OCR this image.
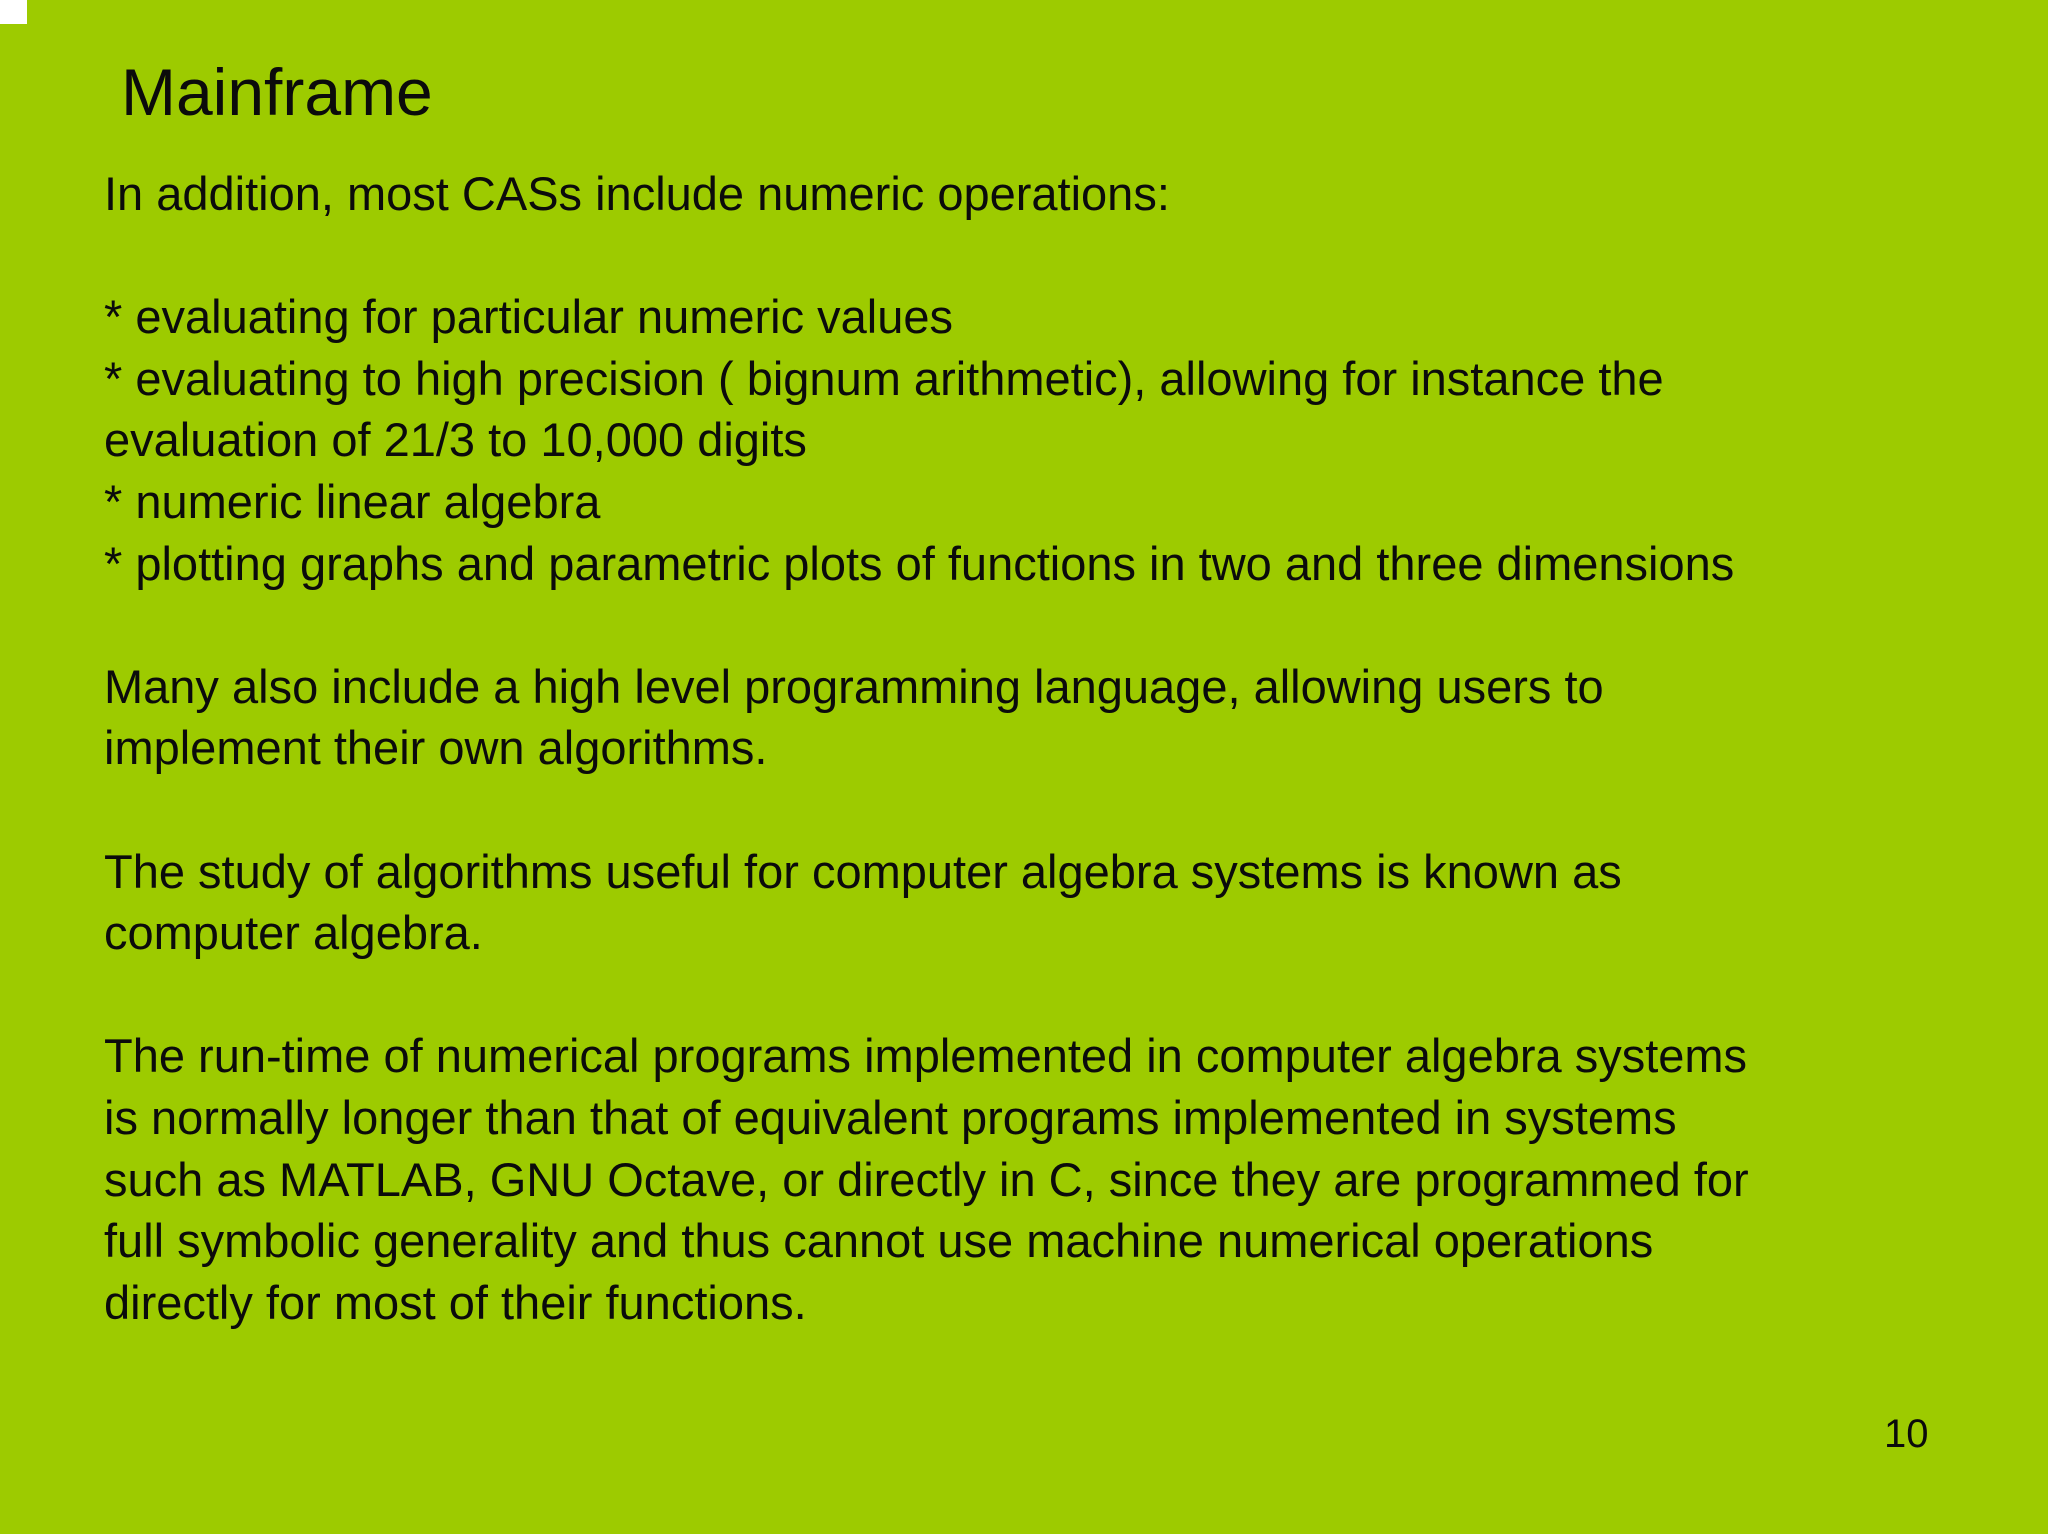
Mainframe
In addition, most CASs include numeric operations:
* evaluating for particular numeric values
* evaluating to high precision ( bignum arithmetic), allowing for instance the
evaluation of 21/3 to 10,000 digits
* numeric linear algebra
* plotting graphs and parametric plots of functions in two and three dimensions
Many also include a high level programming language, allowing users to
implement their own algorithms.
The study of algorithms useful for computer algebra systems is known as
computer algebra.
The run-time of numerical programs implemented in computer algebra systems
is normally longer than that of equivalent programs implemented in systems
such as MATLAB, GNU Octave, or directly in C, since they are programmed for
full symbolic generality and thus cannot use machine numerical operations
directly for most of their functions.
10
